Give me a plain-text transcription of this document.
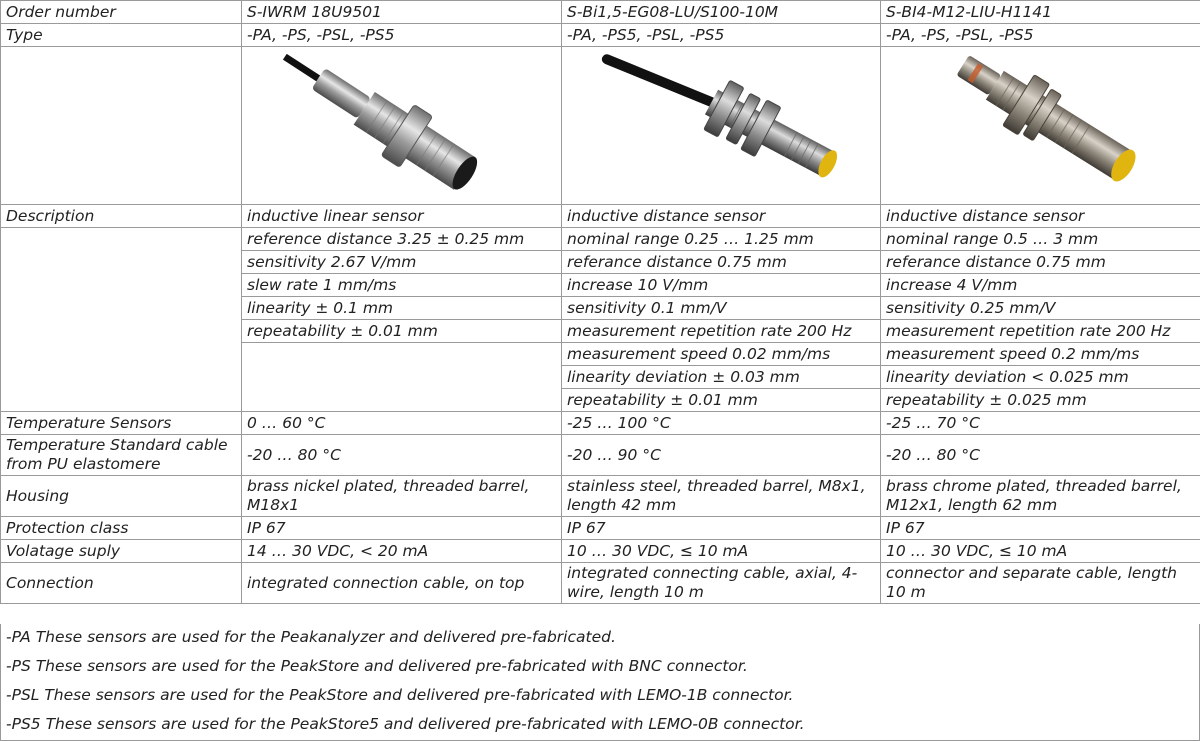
Order number	S-IWRM 18U9501	S-Bi1,5-EG08-LU/S100-10M	S-BI4-M12-LIU-H1141
Type	-PA, -PS, -PSL, -PS5	-PA, -PS5, -PSL, -PS5	-PA, -PS, -PSL, -PS5

Description	inductive linear sensor	inductive distance sensor	inductive distance sensor
	reference distance 3.25 ± 0.25 mm	nominal range 0.25 … 1.25 mm	nominal range 0.5 … 3 mm
	sensitivity 2.67 V/mm	referance distance 0.75 mm	referance distance 0.75 mm
	slew rate 1 mm/ms	increase 10 V/mm	increase 4 V/mm
	linearity ± 0.1 mm	sensitivity 0.1 mm/V	sensitivity 0.25 mm/V
	repeatability ± 0.01 mm	measurement repetition rate 200 Hz	measurement repetition rate 200 Hz
		measurement speed 0.02 mm/ms	measurement speed 0.2 mm/ms
		linearity deviation ± 0.03 mm	linearity deviation < 0.025 mm
		repeatability ± 0.01 mm	repeatability ± 0.025 mm
Temperature Sensors	0 … 60 °C	-25 … 100 °C	-25 … 70 °C
Temperature Standard cable from PU elastomere	-20 … 80 °C	-20 … 90 °C	-20 … 80 °C
Housing	brass nickel plated, threaded barrel, M18x1	stainless steel, threaded barrel, M8x1, length 42 mm	brass chrome plated, threaded barrel, M12x1, length 62 mm
Protection class	IP 67	IP 67	IP 67
Volatage suply	14 … 30 VDC, < 20 mA	10 … 30 VDC, ≤ 10 mA	10 … 30 VDC, ≤ 10 mA
Connection	integrated connection cable, on top	integrated connecting cable, axial, 4-wire, length 10 m	connector and separate cable, length 10 m
-PA These sensors are used for the Peakanalyzer and delivered pre-fabricated.
-PS These sensors are used for the PeakStore and delivered pre-fabricated with BNC connector.
-PSL These sensors are used for the PeakStore and delivered pre-fabricated with LEMO-1B connector.
-PS5 These sensors are used for the PeakStore5 and delivered pre-fabricated with LEMO-0B connector.
